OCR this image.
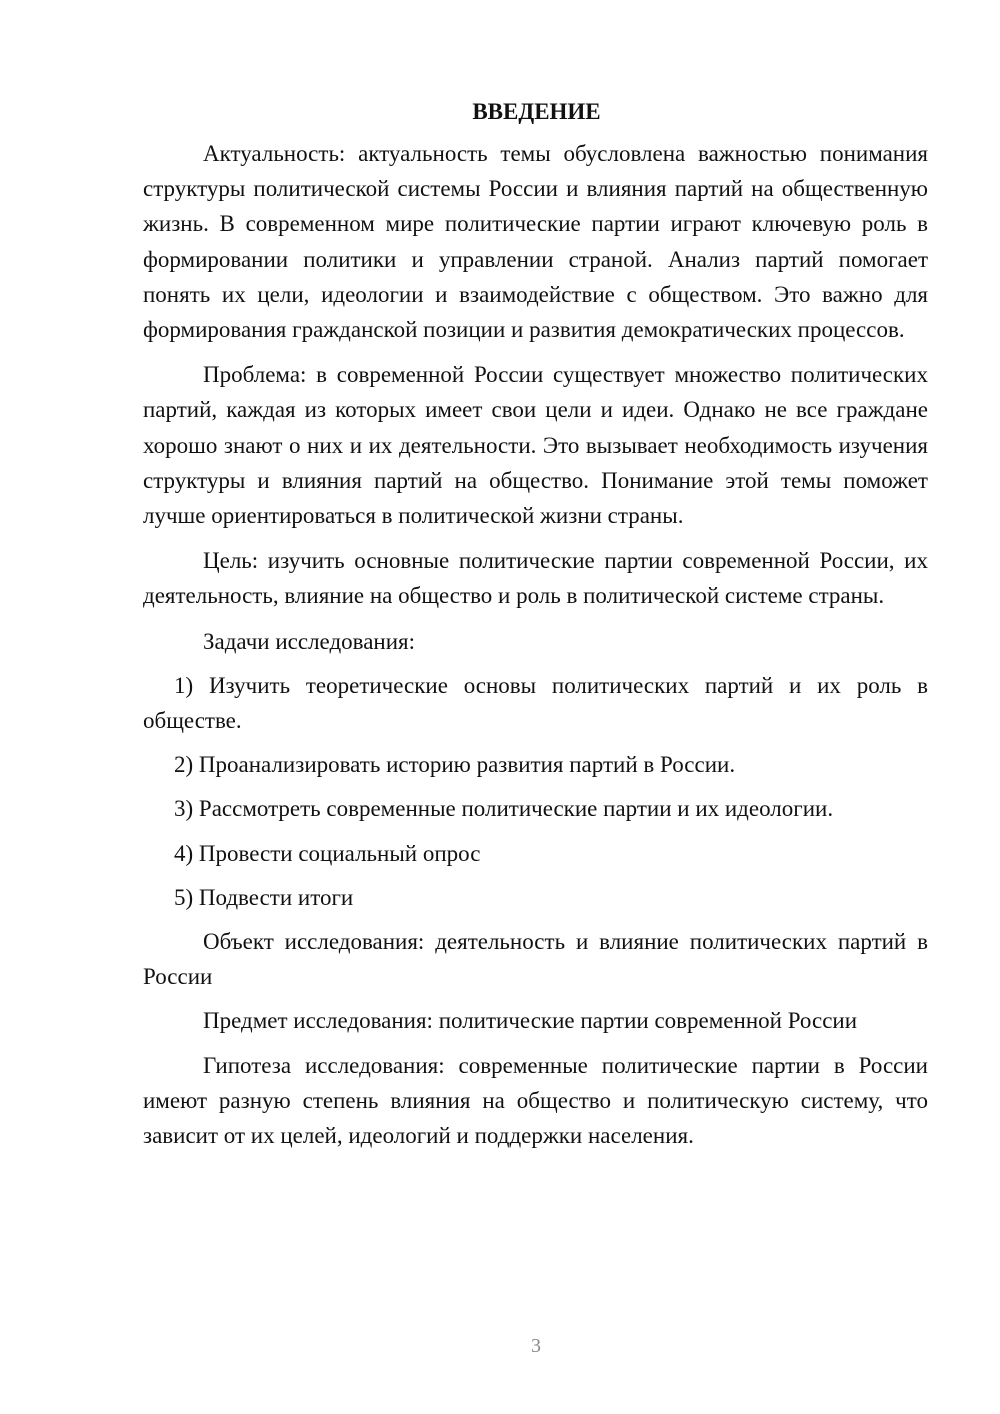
ВВЕДЕНИЕ

Актуальность: актуальность темы обусловлена важностью понимания структуры политической системы России и влияния партий на общественную жизнь. В современном мире политические партии играют ключевую роль в формировании политики и управлении страной. Анализ партий помогает понять их цели, идеологии и взаимодействие с обществом. Это важно для формирования гражданской позиции и развития демократических процессов.

Проблема: в современной России существует множество политических партий, каждая из которых имеет свои цели и идеи. Однако не все граждане хорошо знают о них и их деятельности. Это вызывает необходимость изучения структуры и влияния партий на общество. Понимание этой темы поможет лучше ориентироваться в политической жизни страны.

Цель: изучить основные политические партии современной России, их деятельность, влияние на общество и роль в политической системе страны.

Задачи исследования:

1) Изучить теоретические основы политических партий и их роль в обществе.

2) Проанализировать историю развития партий в России.

3) Рассмотреть современные политические партии и их идеологии.

4) Провести социальный опрос

5) Подвести итоги

Объект исследования: деятельность и влияние политических партий в России

Предмет исследования: политические партии современной России

Гипотеза исследования: современные политические партии в России имеют разную степень влияния на общество и политическую систему, что зависит от их целей, идеологий и поддержки населения.

3
